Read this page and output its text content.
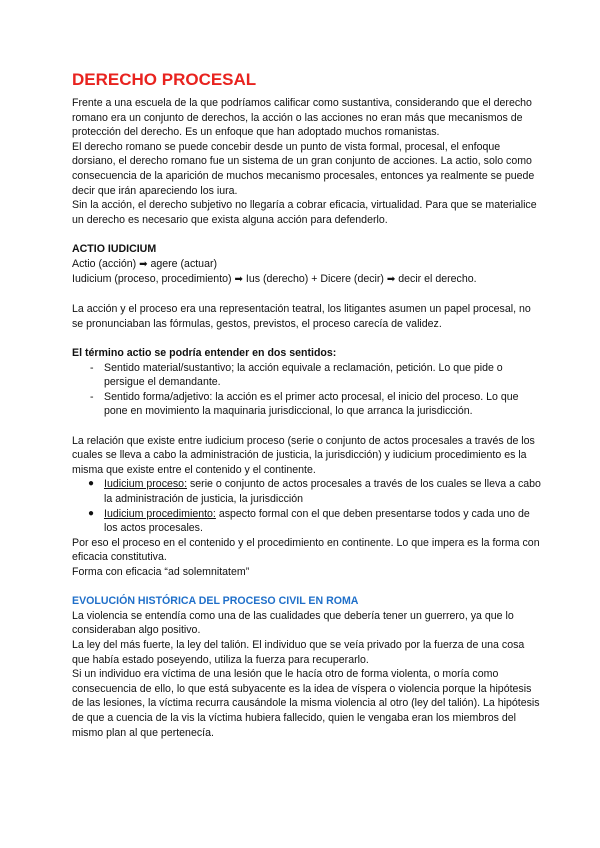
DERECHO PROCESAL

Frente a una escuela de la que podríamos calificar como sustantiva, considerando que el derecho romano era un conjunto de derechos, la acción o las acciones no eran más que mecanismos de protección del derecho. Es un enfoque que han adoptado muchos romanistas.

El derecho romano se puede concebir desde un punto de vista formal, procesal, el enfoque dorsiano, el derecho romano fue un sistema de un gran conjunto de acciones. La actio, solo como consecuencia de la aparición de muchos mecanismo procesales, entonces ya realmente se puede decir que irán apareciendo los iura.

Sin la acción, el derecho subjetivo no llegaría a cobrar eficacia, virtualidad. Para que se materialice un derecho es necesario que exista alguna acción para defenderlo.

ACTIO IUDICIUM

Actio (acción) ➡ agere (actuar)

Iudicium (proceso, procedimiento) ➡ Ius (derecho) + Dicere (decir) ➡ decir el derecho.

La acción y el proceso era una representación teatral, los litigantes asumen un papel procesal, no se pronunciaban las fórmulas, gestos, previstos, el proceso carecía de validez.

El término actio se podría entender en dos sentidos:

- Sentido material/sustantivo; la acción equivale a reclamación, petición. Lo que pide o persigue el demandante.
- Sentido forma/adjetivo: la acción es el primer acto procesal, el inicio del proceso. Lo que pone en movimiento la maquinaria jurisdiccional, lo que arranca la jurisdicción.

La relación que existe entre iudicium proceso (serie o conjunto de actos procesales a través de los cuales se lleva a cabo la administración de justicia, la jurisdicción) y iudicium procedimiento es la misma que existe entre el contenido y el continente.

● Iudicium proceso: serie o conjunto de actos procesales a través de los cuales se lleva a cabo la administración de justicia, la jurisdicción
● Iudicium procedimiento: aspecto formal con el que deben presentarse todos y cada uno de los actos procesales.

Por eso el proceso en el contenido y el procedimiento en continente. Lo que impera es la forma con eficacia constitutiva.

Forma con eficacia “ad solemnitatem”

EVOLUCIÓN HISTÓRICA DEL PROCESO CIVIL EN ROMA

La violencia se entendía como una de las cualidades que debería tener un guerrero, ya que lo consideraban algo positivo.

La ley del más fuerte, la ley del talión. El individuo que se veía privado por la fuerza de una cosa que había estado poseyendo, utiliza la fuerza para recuperarlo.

Si un individuo era víctima de una lesión que le hacía otro de forma violenta, o moría como consecuencia de ello, lo que está subyacente es la idea de víspera o violencia porque la hipótesis de las lesiones, la víctima recurra causándole la misma violencia al otro (ley del talión). La hipótesis de que a cuencia de la vis la víctima hubiera fallecido, quien le vengaba eran los miembros del mismo plan al que pertenecía.
